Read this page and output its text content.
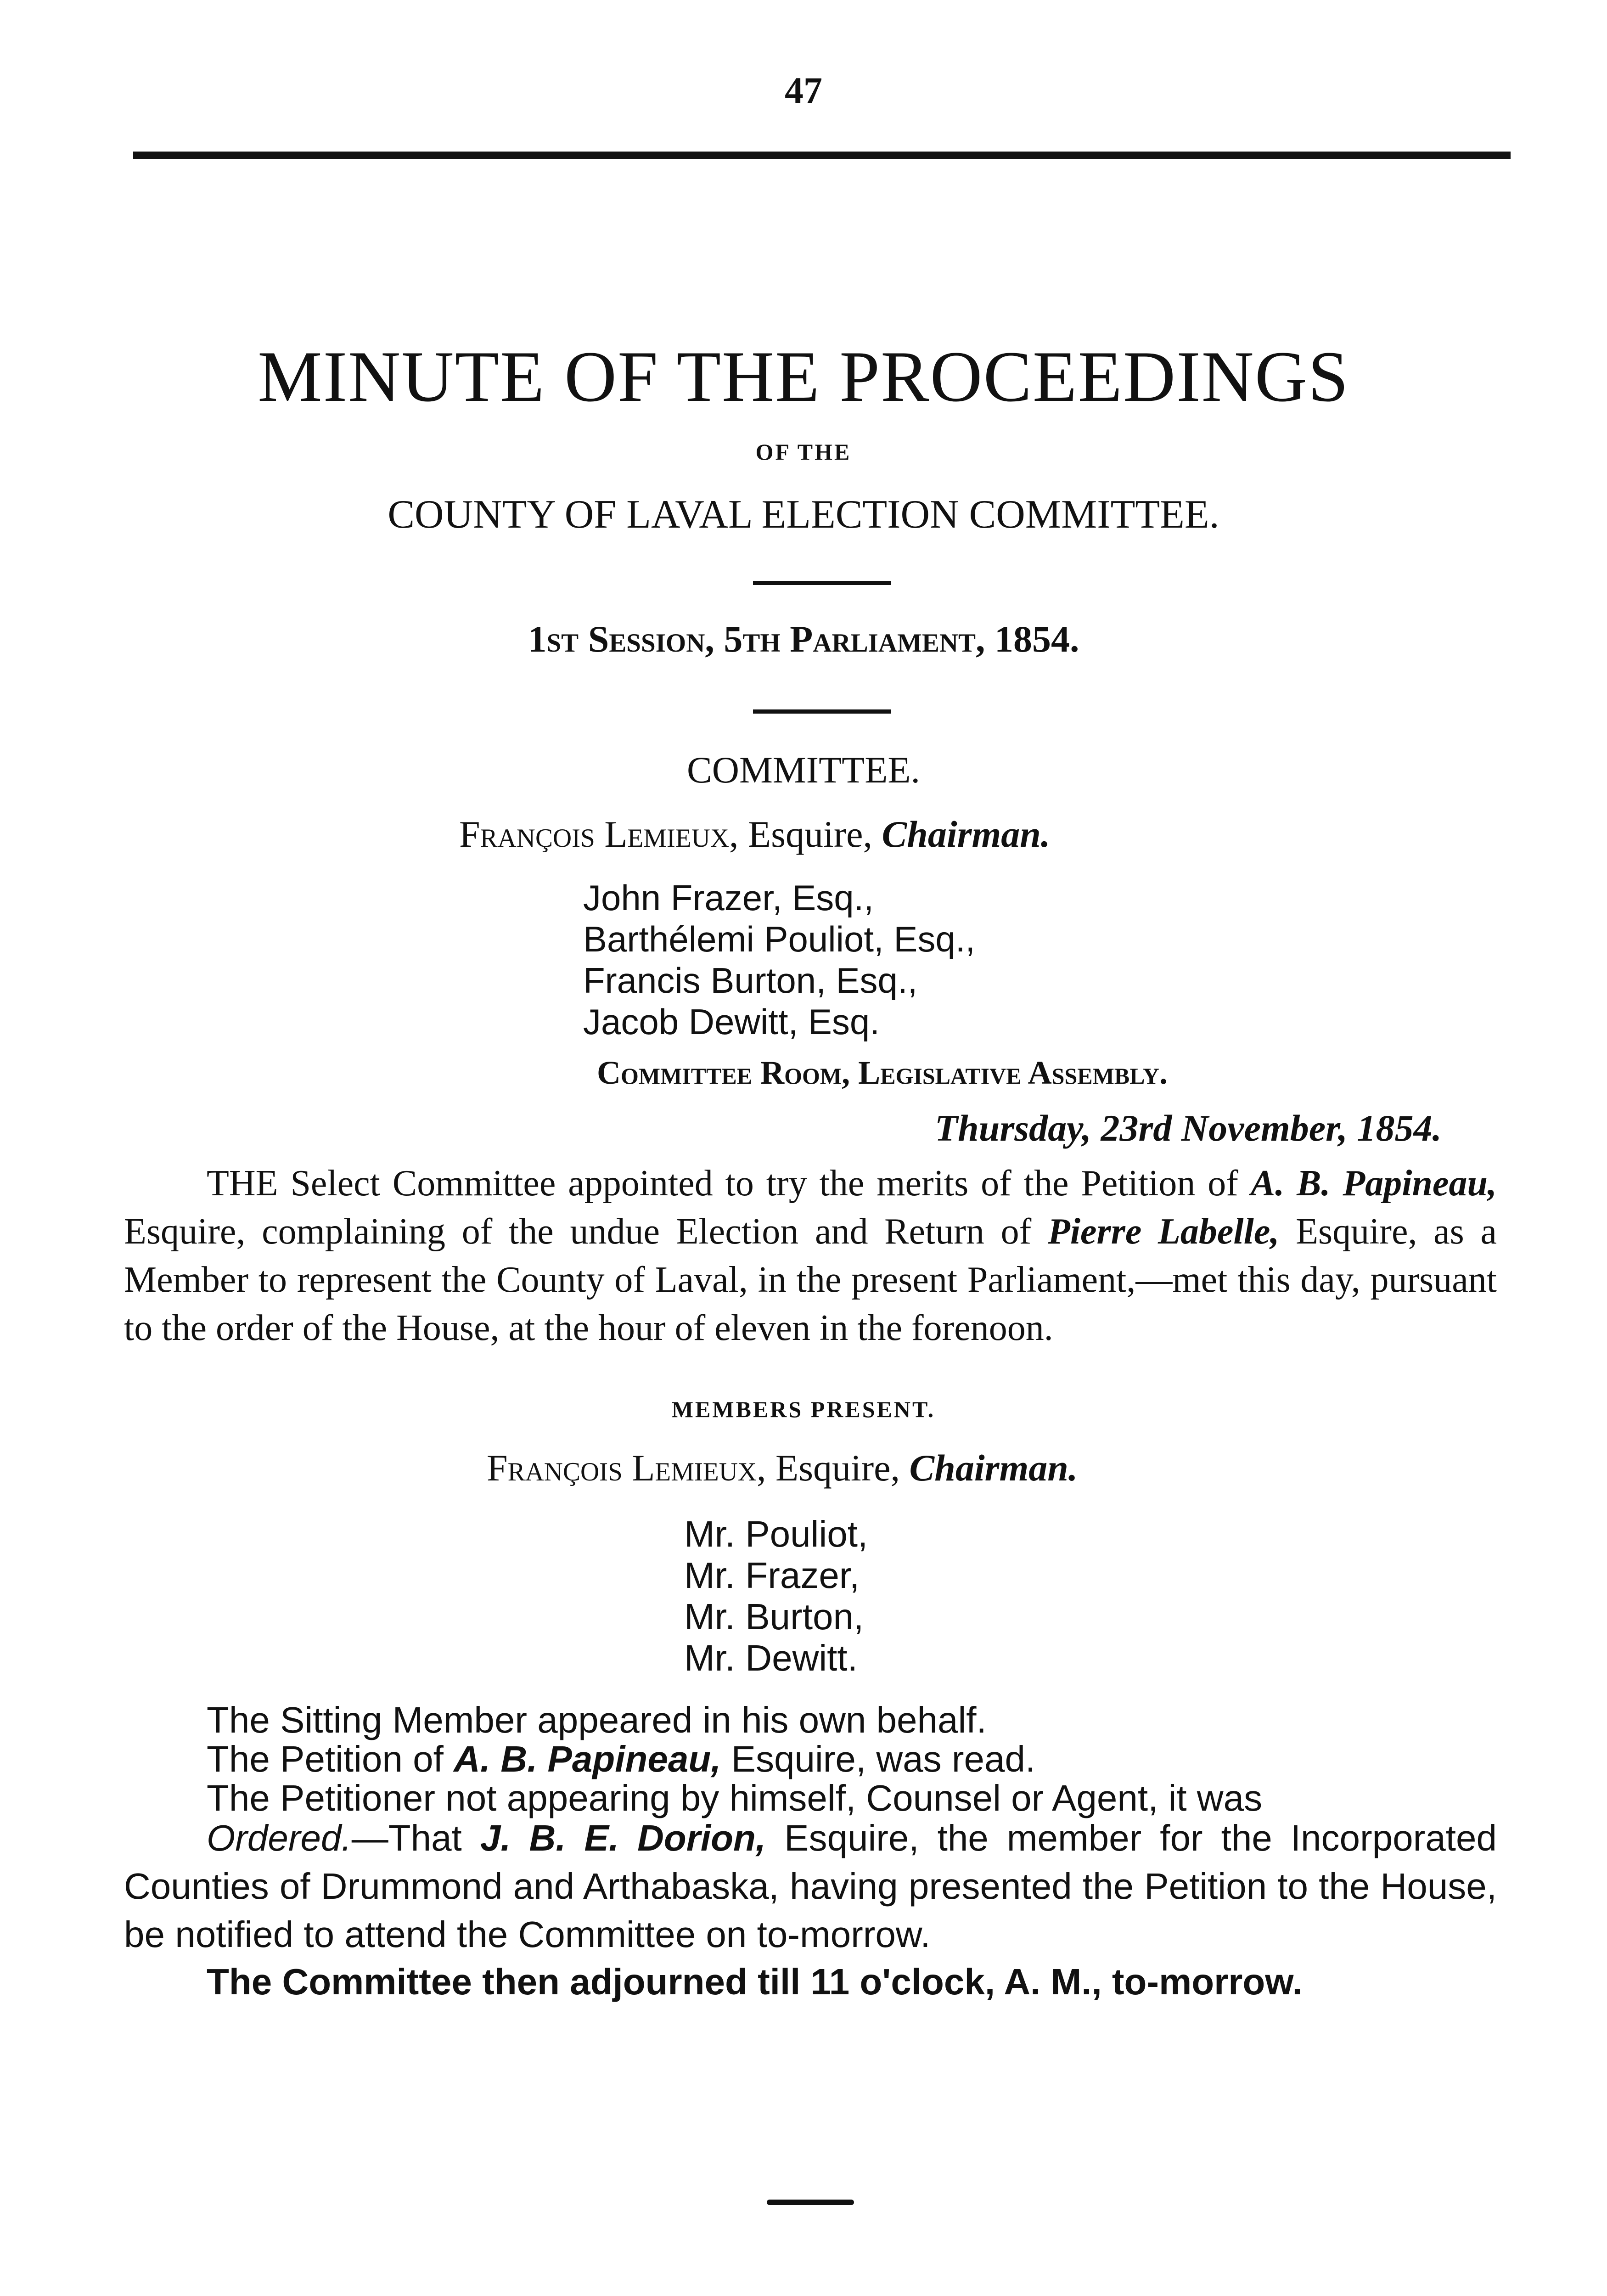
47
MINUTE OF THE PROCEEDINGS
OF THE
COUNTY OF LAVAL ELECTION COMMITTEE.
1st Session, 5th Parliament, 1854.
COMMITTEE.
François Lemieux, Esquire, Chairman.
John Frazer, Esq.,
Barthélemi Pouliot, Esq.,
Francis Burton, Esq.,
Jacob Dewitt, Esq.
Committee Room, Legislative Assembly.
Thursday, 23rd November, 1854.
THE Select Committee appointed to try the merits of the Petition of A. B. Papineau, Esquire, complaining of the undue Election and Return of Pierre Labelle, Esquire, as a Member to represent the County of Laval, in the present Parliament,—met this day, pursuant to the order of the House, at the hour of eleven in the forenoon.
MEMBERS PRESENT.
François Lemieux, Esquire, Chairman.
Mr. Pouliot,
Mr. Frazer,
Mr. Burton,
Mr. Dewitt.
The Sitting Member appeared in his own behalf.
The Petition of A. B. Papineau, Esquire, was read.
The Petitioner not appearing by himself, Counsel or Agent, it was
Ordered.—That J. B. E. Dorion, Esquire, the member for the Incorporated Counties of Drummond and Arthabaska, having presented the Petition to the House, be notified to attend the Committee on to-morrow.
The Committee then adjourned till 11 o'clock, A. M., to-morrow.
